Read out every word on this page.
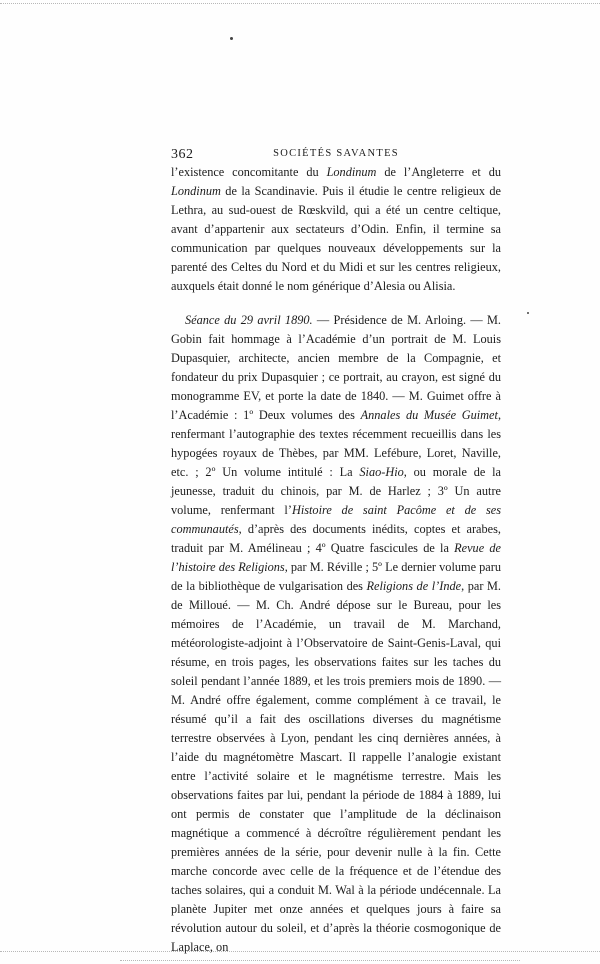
362	SOCIÉTÉS SAVANTES

l’existence concomitante du Londinum de l’Angleterre et du Londinum de la Scandinavie. Puis il étudie le centre religieux de Lethra, au sud-ouest de Rœskvild, qui a été un centre celtique, avant d’appartenir aux sectateurs d’Odin. Enfin, il termine sa communication par quelques nouveaux développements sur la parenté des Celtes du Nord et du Midi et sur les centres religieux, auxquels était donné le nom générique d’Alesia ou Alisia.

Séance du 29 avril 1890. — Présidence de M. Arloing. — M. Gobin fait hommage à l’Académie d’un portrait de M. Louis Dupasquier, architecte, ancien membre de la Compagnie, et fondateur du prix Dupasquier ; ce portrait, au crayon, est signé du monogramme EV, et porte la date de 1840. — M. Guimet offre à l’Académie : 1º Deux volumes des Annales du Musée Guimet, renfermant l’autographie des textes récemment recueillis dans les hypogées royaux de Thèbes, par MM. Lefébure, Loret, Naville, etc. ; 2º Un volume intitulé : La Siao-Hio, ou morale de la jeunesse, traduit du chinois, par M. de Harlez ; 3º Un autre volume, renfermant l’Histoire de saint Pacôme et de ses communautés, d’après des documents inédits, coptes et arabes, traduit par M. Amélineau ; 4º Quatre fascicules de la Revue de l’histoire des Religions, par M. Réville ; 5º Le dernier volume paru de la bibliothèque de vulgarisation des Religions de l’Inde, par M. de Milloué. — M. Ch. André dépose sur le Bureau, pour les mémoires de l’Académie, un travail de M. Marchand, météorologiste-adjoint à l’Observatoire de Saint-Genis-Laval, qui résume, en trois pages, les observations faites sur les taches du soleil pendant l’année 1889, et les trois premiers mois de 1890. — M. André offre également, comme complément à ce travail, le résumé qu’il a fait des oscillations diverses du magnétisme terrestre observées à Lyon, pendant les cinq dernières années, à l’aide du magnétomètre Mascart. Il rappelle l’analogie existant entre l’activité solaire et le magnétisme terrestre. Mais les observations faites par lui, pendant la période de 1884 à 1889, lui ont permis de constater que l’amplitude de la déclinaison magnétique a commencé à décroître régulièrement pendant les premières années de la série, pour devenir nulle à la fin. Cette marche concorde avec celle de la fréquence et de l’étendue des taches solaires, qui a conduit M. Wal à la période undécennale. La planète Jupiter met onze années et quelques jours à faire sa révolution autour du soleil, et d’après la théorie cosmogonique de Laplace, on
